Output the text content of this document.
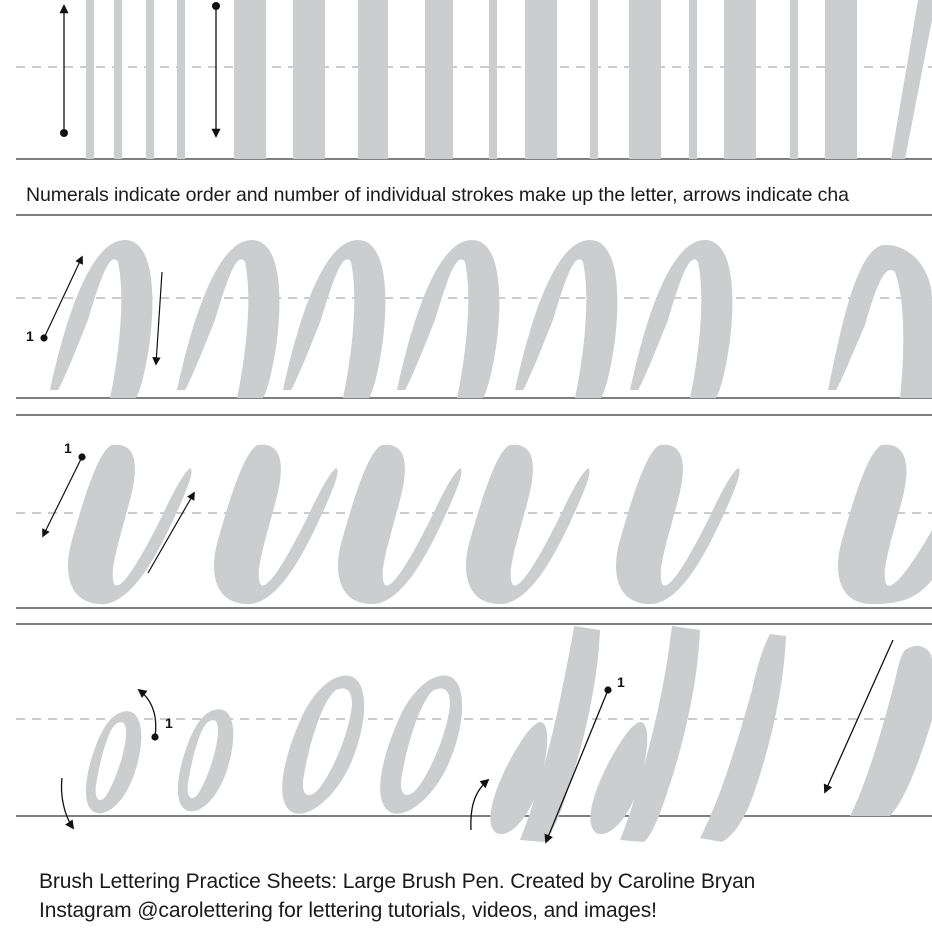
1
1
1
1
Numerals indicate order and number of individual strokes make up the letter, arrows indicate cha
Brush Lettering Practice Sheets: Large Brush Pen. Created by Caroline Bryan
Instagram @carolettering for lettering tutorials, videos, and images!
